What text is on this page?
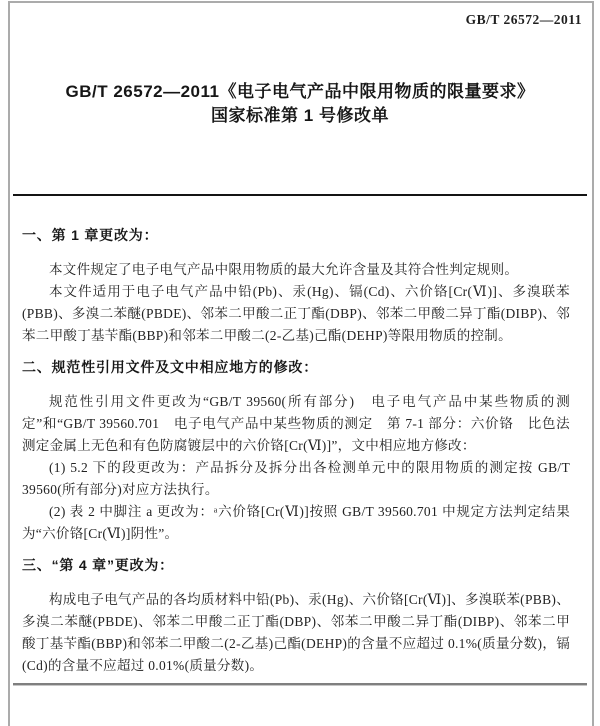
GB/T 26572—2011
GB/T 26572—2011《电子电气产品中限用物质的限量要求》
国家标准第 1 号修改单
一、第 1 章更改为：

本文件规定了电子电气产品中限用物质的最大允许含量及其符合性判定规则。

本文件适用于电子电气产品中铅(Pb)、汞(Hg)、镉(Cd)、六价铬[Cr(Ⅵ)]、多溴联苯(PBB)、多溴二苯醚(PBDE)、邻苯二甲酸二正丁酯(DBP)、邻苯二甲酸二异丁酯(DIBP)、邻苯二甲酸丁基苄酯(BBP)和邻苯二甲酸二(2-乙基)己酯(DEHP)等限用物质的控制。

二、规范性引用文件及文中相应地方的修改：

规范性引用文件更改为“GB/T 39560(所有部分)　电子电气产品中某些物质的测定”和“GB/T 39560.701　电子电气产品中某些物质的测定　第 7-1 部分：六价铬　比色法测定金属上无色和有色防腐镀层中的六价铬[Cr(Ⅵ)]”，文中相应地方修改：

(1) 5.2 下的段更改为：产品拆分及拆分出各检测单元中的限用物质的测定按 GB/T 39560(所有部分)对应方法执行。

(2) 表 2 中脚注 a 更改为：ᵃ六价铬[Cr(Ⅵ)]按照 GB/T 39560.701 中规定方法判定结果为“六价铬[Cr(Ⅵ)]阴性”。

三、“第 4 章”更改为：

构成电子电气产品的各均质材料中铅(Pb)、汞(Hg)、六价铬[Cr(Ⅵ)]、多溴联苯(PBB)、多溴二苯醚(PBDE)、邻苯二甲酸二正丁酯(DBP)、邻苯二甲酸二异丁酯(DIBP)、邻苯二甲酸丁基苄酯(BBP)和邻苯二甲酸二(2-乙基)己酯(DEHP)的含量不应超过 0.1%(质量分数)，镉(Cd)的含量不应超过 0.01%(质量分数)。
